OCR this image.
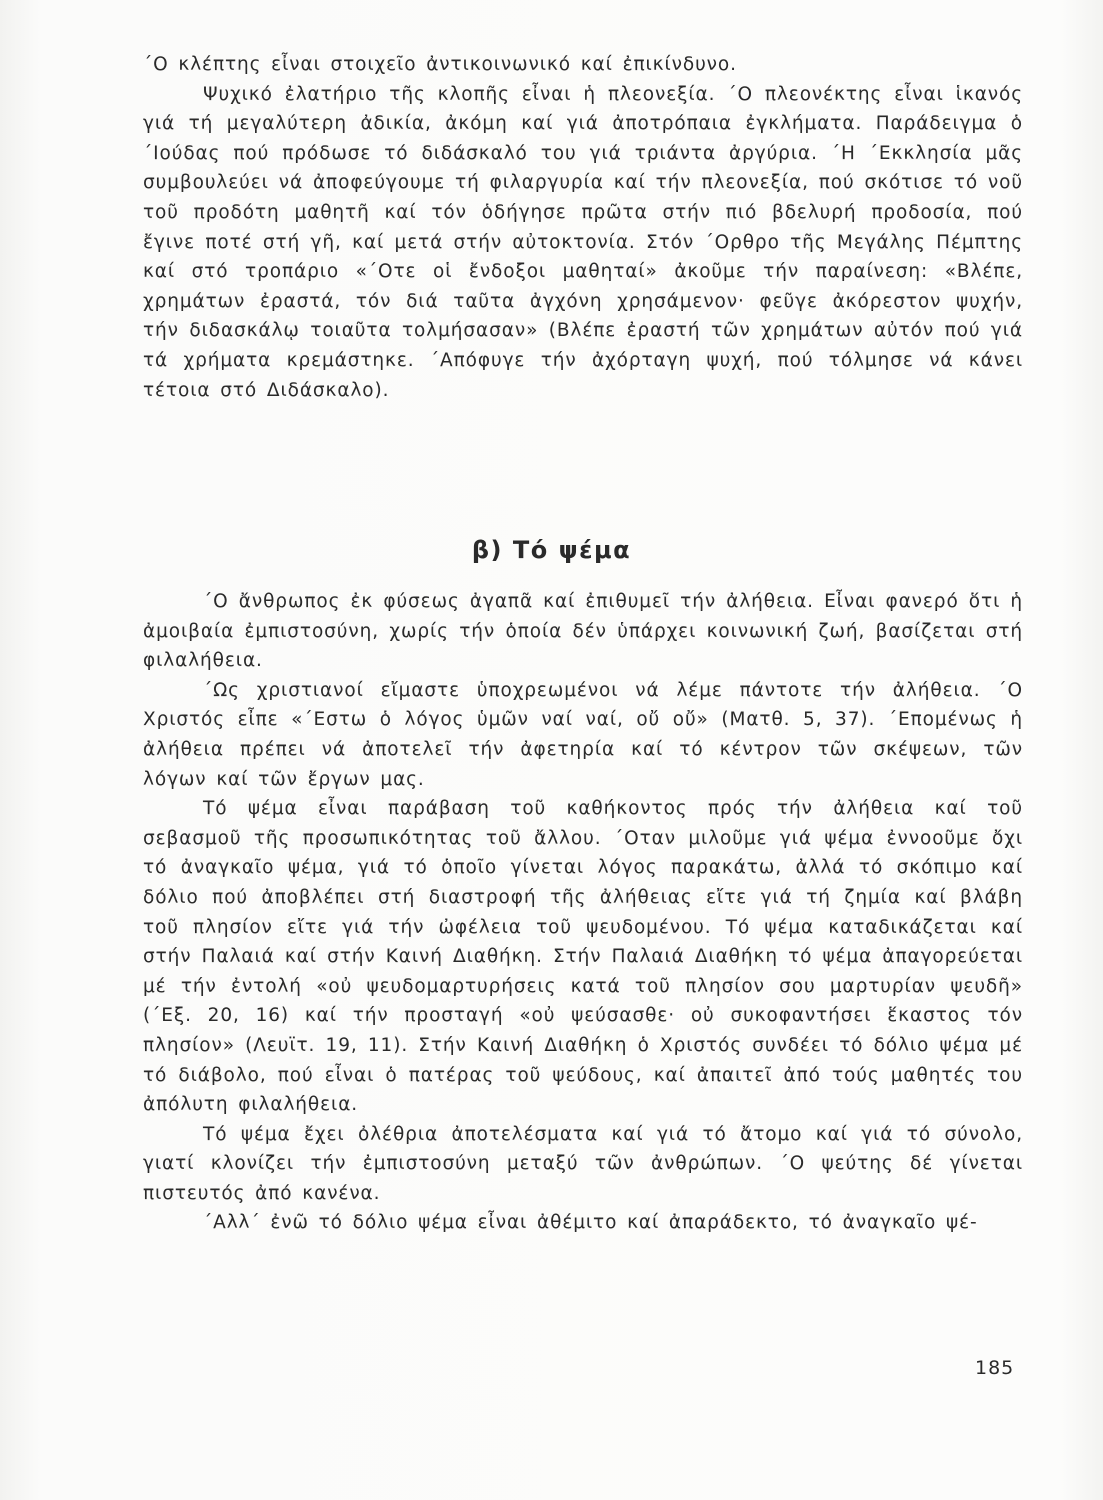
΄Ο κλέπτης εἶναι στοιχεῖο ἀντικοινωνικό καί ἐπικίνδυνο.

Ψυχικό ἐλατήριο τῆς κλοπῆς εἶναι ἡ πλεονεξία. ΄Ο πλεονέκτης εἶναι ἱκανός γιά τή μεγαλύτερη ἀδικία, ἀκόμη καί γιά ἀποτρόπαια ἐγκλήματα. Παράδειγμα ὁ ΄Ιούδας πού πρόδωσε τό διδάσκαλό του γιά τριάντα ἀργύρια. ΄Η ΄Εκκλησία μᾶς συμβουλεύει νά ἀποφεύγουμε τή φιλαργυρία καί τήν πλεονεξία, πού σκότισε τό νοῦ τοῦ προδότη μαθητῆ καί τόν ὁδήγησε πρῶτα στήν πιό βδελυρή προδοσία, πού ἔγινε ποτέ στή γῆ, καί μετά στήν αὐτοκτονία. Στόν ΄Ορθρο τῆς Μεγάλης Πέμπτης καί στό τροπάριο «΄Οτε οἱ ἔνδοξοι μαθηταί» ἀκοῦμε τήν παραίνεση: «Βλέπε, χρημάτων ἐραστά, τόν διά ταῦτα ἀγχόνη χρησάμενον· φεῦγε ἀκόρεστον ψυχήν, τήν διδασκάλῳ τοιαῦτα τολμήσασαν» (Βλέπε ἐραστή τῶν χρημάτων αὐτόν πού γιά τά χρήματα κρεμάστηκε. ΄Απόφυγε τήν ἀχόρταγη ψυχή, πού τόλμησε νά κάνει τέτοια στό Διδάσκαλο).

β) Τό ψέμα

΄Ο ἄνθρωπος ἐκ φύσεως ἀγαπᾶ καί ἐπιθυμεῖ τήν ἀλήθεια. Εἶναι φανερό ὅτι ἡ ἀμοιβαία ἐμπιστοσύνη, χωρίς τήν ὁποία δέν ὑπάρχει κοινωνική ζωή, βασίζεται στή φιλαλήθεια.

΄Ως χριστιανοί εἴμαστε ὑποχρεωμένοι νά λέμε πάντοτε τήν ἀλήθεια. ΄Ο Χριστός εἶπε «΄Εστω ὁ λόγος ὑμῶν ναί ναί, οὔ οὔ» (Ματθ. 5, 37). ΄Επομένως ἡ ἀλήθεια πρέπει νά ἀποτελεῖ τήν ἀφετηρία καί τό κέντρον τῶν σκέψεων, τῶν λόγων καί τῶν ἔργων μας.

Τό ψέμα εἶναι παράβαση τοῦ καθήκοντος πρός τήν ἀλήθεια καί τοῦ σεβασμοῦ τῆς προσωπικότητας τοῦ ἄλλου. ΄Οταν μιλοῦμε γιά ψέμα ἐννοοῦμε ὄχι τό ἀναγκαῖο ψέμα, γιά τό ὁποῖο γίνεται λόγος παρακάτω, ἀλλά τό σκόπιμο καί δόλιο πού ἀποβλέπει στή διαστροφή τῆς ἀλήθειας εἴτε γιά τή ζημία καί βλάβη τοῦ πλησίον εἴτε γιά τήν ὠφέλεια τοῦ ψευδομένου. Τό ψέμα καταδικάζεται καί στήν Παλαιά καί στήν Καινή Διαθήκη. Στήν Παλαιά Διαθήκη τό ψέμα ἀπαγορεύεται μέ τήν ἐντολή «οὐ ψευδομαρτυρήσεις κατά τοῦ πλησίον σου μαρτυρίαν ψευδῆ» (΄Εξ. 20, 16) καί τήν προσταγή «οὐ ψεύσασθε· οὐ συκοφαντήσει ἕκαστος τόν πλησίον» (Λευϊτ. 19, 11). Στήν Καινή Διαθήκη ὁ Χριστός συνδέει τό δόλιο ψέμα μέ τό διάβολο, πού εἶναι ὁ πατέρας τοῦ ψεύδους, καί ἀπαιτεῖ ἀπό τούς μαθητές του ἀπόλυτη φιλαλήθεια.

Τό ψέμα ἔχει ὀλέθρια ἀποτελέσματα καί γιά τό ἄτομο καί γιά τό σύνολο, γιατί κλονίζει τήν ἐμπιστοσύνη μεταξύ τῶν ἀνθρώπων. ΄Ο ψεύτης δέ γίνεται πιστευτός ἀπό κανένα.

΄Αλλ΄ ἐνῶ τό δόλιο ψέμα εἶναι ἀθέμιτο καί ἀπαράδεκτο, τό ἀναγκαῖο ψέ-

185
